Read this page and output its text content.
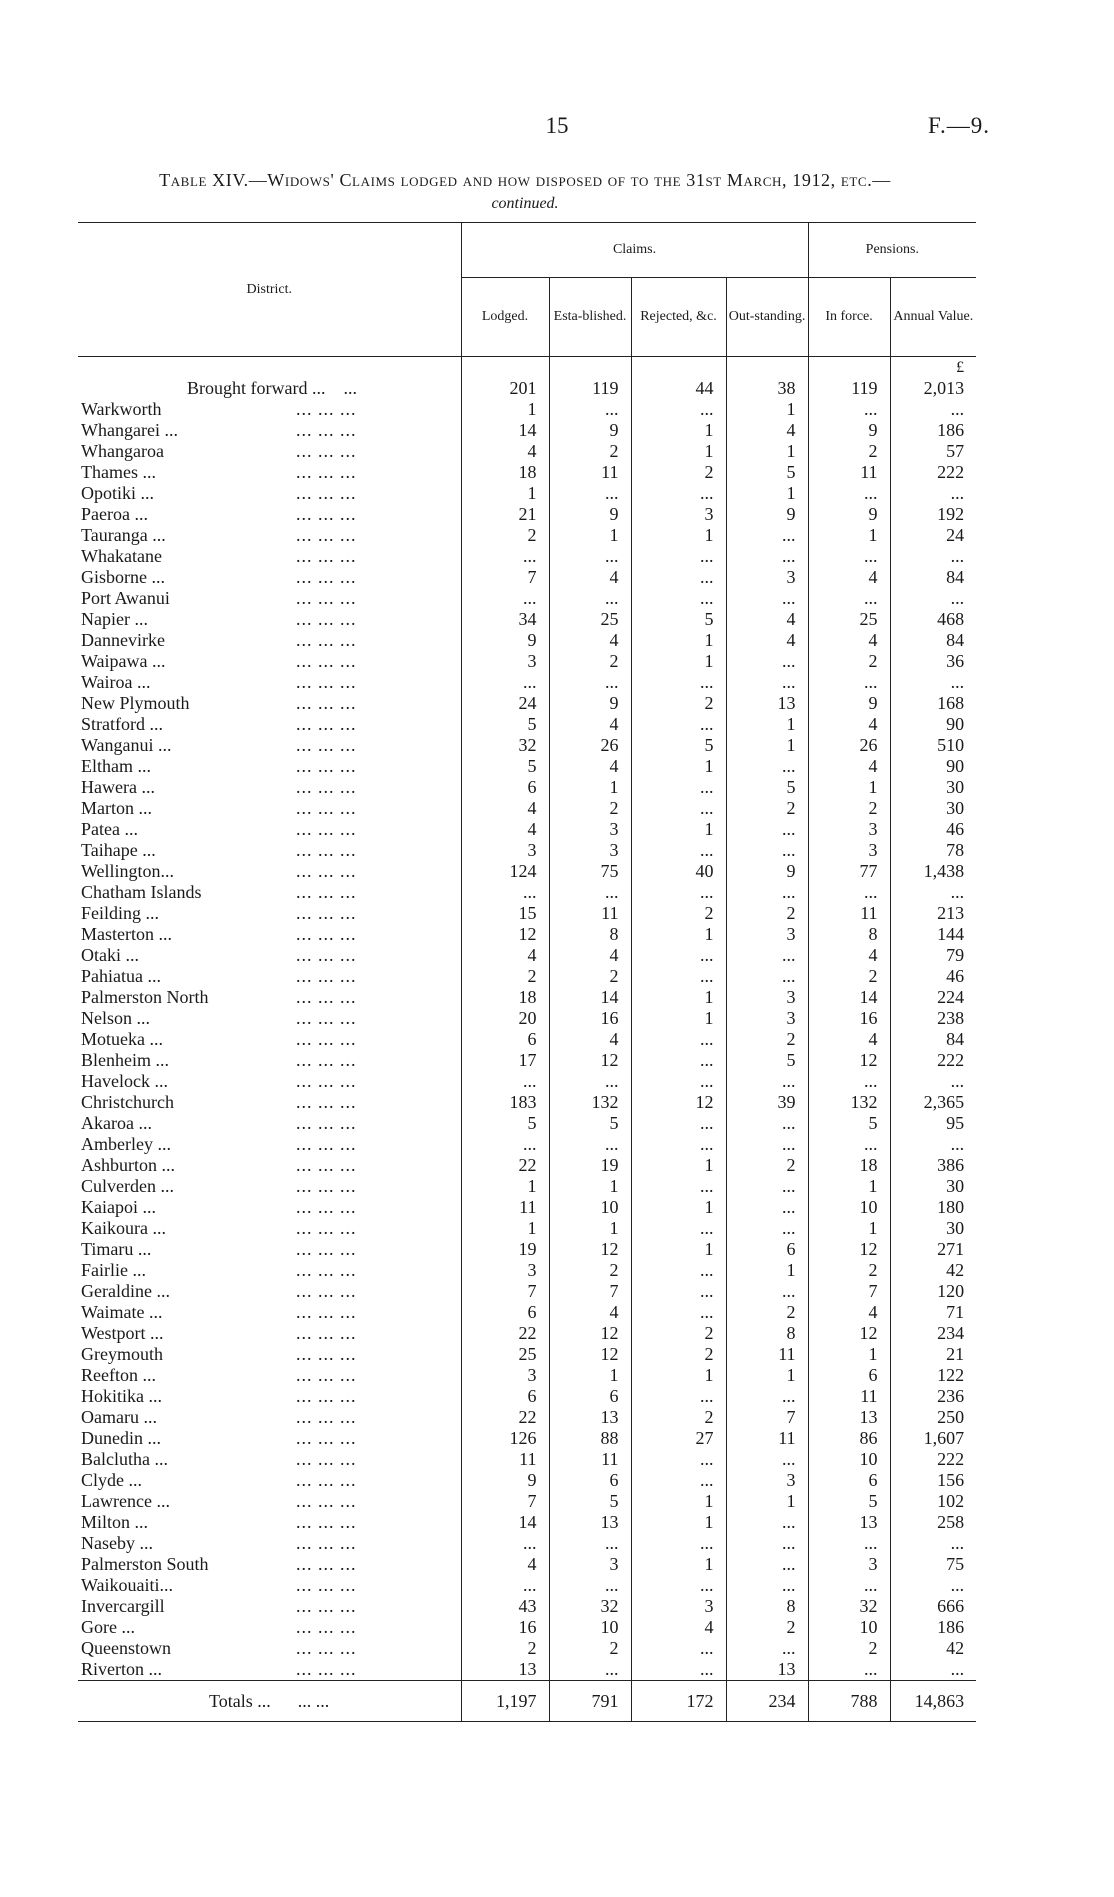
15	F.—9.
Table XIV.—Widows' Claims lodged and how disposed of to the 31st March, 1912, etc.—
continued.
District.	Claims.				Pensions.	
	Lodged.	Esta-blished.	Rejected, &c.	Out-standing.	In force.	Annual Value.
						£

Brought forward ... ...	201	119	44	38	119	2,013
Warkworth ... ... ...	1	...	...	1	...	...
Whangarei ... ... ... ...	14	9	1	4	9	186
Whangaroa ... ... ...	4	2	1	1	2	57
Thames ... ... ... ...	18	11	2	5	11	222
Opotiki ... ... ... ...	1	...	...	1	...	...
Paeroa ... ... ... ...	21	9	3	9	9	192
Tauranga ... ... ... ...	2	1	1	...	1	24
Whakatane ... ... ...	...	...	...	...	...	...
Gisborne ... ... ... ...	7	4	...	3	4	84
Port Awanui ... ... ...	...	...	...	...	...	...
Napier ... ... ... ...	34	25	5	4	25	468
Dannevirke ... ... ...	9	4	1	4	4	84
Waipawa ... ... ... ...	3	2	1	...	2	36
Wairoa ... ... ... ...	...	...	...	...	...	...
New Plymouth ... ... ...	24	9	2	13	9	168
Stratford ... ... ... ...	5	4	...	1	4	90
Wanganui ... ... ... ...	32	26	5	1	26	510
Eltham ... ... ... ...	5	4	1	...	4	90
Hawera ... ... ... ...	6	1	...	5	1	30
Marton ... ... ... ...	4	2	...	2	2	30
Patea ... ... ... ...	4	3	1	...	3	46
Taihape ... ... ... ...	3	3	...	...	3	78
Wellington... ... ... ...	124	75	40	9	77	1,438
Chatham Islands ... ... ...	...	...	...	...	...	...
Feilding ... ... ... ...	15	11	2	2	11	213
Masterton ... ... ... ...	12	8	1	3	8	144
Otaki ... ... ... ...	4	4	...	...	4	79
Pahiatua ... ... ... ...	2	2	...	...	2	46
Palmerston North ... ... ...	18	14	1	3	14	224
Nelson ... ... ... ...	20	16	1	3	16	238
Motueka ... ... ... ...	6	4	...	2	4	84
Blenheim ... ... ... ...	17	12	...	5	12	222
Havelock ... ... ... ...	...	...	...	...	...	...
Christchurch ... ... ...	183	132	12	39	132	2,365
Akaroa ... ... ... ...	5	5	...	...	5	95
Amberley ... ... ... ...	...	...	...	...	...	...
Ashburton ... ... ... ...	22	19	1	2	18	386
Culverden ... ... ... ...	1	1	...	...	1	30
Kaiapoi ... ... ... ...	11	10	1	...	10	180
Kaikoura ... ... ... ...	1	1	...	...	1	30
Timaru ... ... ... ...	19	12	1	6	12	271
Fairlie ... ... ... ...	3	2	...	1	2	42
Geraldine ... ... ... ...	7	7	...	...	7	120
Waimate ... ... ... ...	6	4	...	2	4	71
Westport ... ... ... ...	22	12	2	8	12	234
Greymouth ... ... ...	25	12	2	11	1	21
Reefton ... ... ... ...	3	1	1	1	6	122
Hokitika ... ... ... ...	6	6	...	...	11	236
Oamaru ... ... ... ...	22	13	2	7	13	250
Dunedin ... ... ... ...	126	88	27	11	86	1,607
Balclutha ... ... ... ...	11	11	...	...	10	222
Clyde ... ... ... ...	9	6	...	3	6	156
Lawrence ... ... ... ...	7	5	1	1	5	102
Milton ... ... ... ...	14	13	1	...	13	258
Naseby ... ... ... ...	...	...	...	...	...	...
Palmerston South ... ... ...	4	3	1	...	3	75
Waikouaiti... ... ... ...	...	...	...	...	...	...
Invercargill ... ... ...	43	32	3	8	32	666
Gore ... ... ... ...	16	10	4	2	10	186
Queenstown ... ... ...	2	2	...	...	2	42
Riverton ... ... ... ...	13	...	...	13	...	...
Totals ... ... ...	1,197	791	172	234	788	14,863
